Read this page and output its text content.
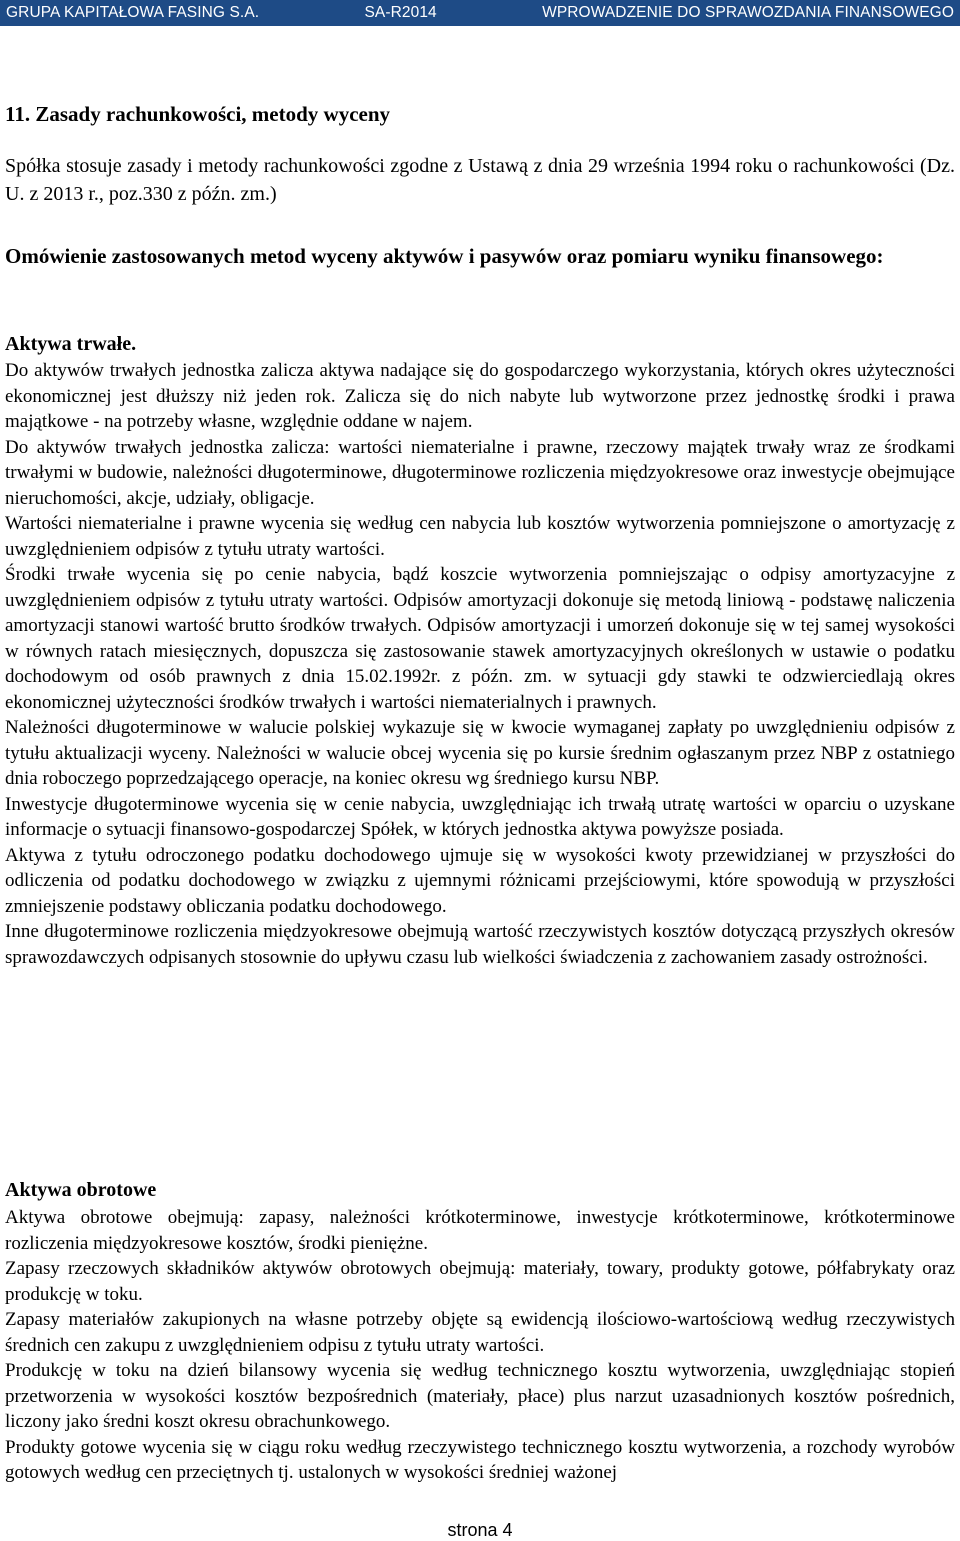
GRUPA KAPITAŁOWA FASING S.A.	SA-R2014	WPROWADZENIE DO SPRAWOZDANIA FINANSOWEGO
11. Zasady rachunkowości, metody wyceny

Spółka stosuje zasady i metody rachunkowości zgodne z Ustawą z dnia 29 września 1994 roku o rachunkowości (Dz. U. z 2013 r., poz.330 z późn. zm.)

Omówienie zastosowanych metod wyceny aktywów i pasywów oraz pomiaru wyniku finansowego:

Aktywa trwałe.

Do aktywów trwałych jednostka zalicza aktywa nadające się do gospodarczego wykorzystania, których okres użyteczności ekonomicznej jest dłuższy niż jeden rok. Zalicza się do nich nabyte lub wytworzone przez jednostkę środki i prawa majątkowe - na potrzeby własne, względnie oddane w najem.

Do aktywów trwałych jednostka zalicza: wartości niematerialne i prawne, rzeczowy majątek trwały wraz ze środkami trwałymi w budowie, należności długoterminowe, długoterminowe rozliczenia międzyokresowe oraz inwestycje obejmujące nieruchomości, akcje, udziały, obligacje.

Wartości niematerialne i prawne wycenia się według cen nabycia lub kosztów wytworzenia pomniejszone o amortyzację z uwzględnieniem odpisów z tytułu utraty wartości.

Środki trwałe wycenia się po cenie nabycia, bądź koszcie wytworzenia pomniejszając o odpisy amortyzacyjne z uwzględnieniem odpisów z tytułu utraty wartości. Odpisów amortyzacji dokonuje się metodą liniową - podstawę naliczenia amortyzacji stanowi wartość brutto środków trwałych. Odpisów amortyzacji i umorzeń dokonuje się w tej samej wysokości w równych ratach miesięcznych, dopuszcza się zastosowanie stawek amortyzacyjnych określonych w ustawie o podatku dochodowym od osób prawnych z dnia 15.02.1992r. z późn. zm. w sytuacji gdy stawki te odzwierciedlają okres ekonomicznej użyteczności środków trwałych i wartości niematerialnych i prawnych.

Należności długoterminowe w walucie polskiej wykazuje się w kwocie wymaganej zapłaty po uwzględnieniu odpisów z tytułu aktualizacji wyceny. Należności w walucie obcej wycenia się po kursie średnim ogłaszanym przez NBP z ostatniego dnia roboczego poprzedzającego operacje, na koniec okresu wg średniego kursu NBP.

Inwestycje długoterminowe wycenia się w cenie nabycia, uwzględniając ich trwałą utratę wartości w oparciu o uzyskane informacje o sytuacji finansowo-gospodarczej Spółek, w których jednostka aktywa powyższe posiada.

Aktywa z tytułu odroczonego podatku dochodowego ujmuje się w wysokości kwoty przewidzianej w przyszłości do odliczenia od podatku dochodowego w związku z ujemnymi różnicami przejściowymi, które spowodują w przyszłości zmniejszenie podstawy obliczania podatku dochodowego.

Inne długoterminowe rozliczenia międzyokresowe obejmują wartość rzeczywistych kosztów dotyczącą przyszłych okresów sprawozdawczych odpisanych stosownie do upływu czasu lub wielkości świadczenia z zachowaniem zasady ostrożności.

Aktywa obrotowe

Aktywa obrotowe obejmują: zapasy, należności krótkoterminowe, inwestycje krótkoterminowe, krótkoterminowe rozliczenia międzyokresowe kosztów, środki pieniężne.

Zapasy rzeczowych składników aktywów obrotowych obejmują: materiały, towary, produkty gotowe, półfabrykaty oraz produkcję w toku.

Zapasy materiałów zakupionych na własne potrzeby objęte są ewidencją ilościowo-wartościową według rzeczywistych średnich cen zakupu z uwzględnieniem odpisu z tytułu utraty wartości.

Produkcję w toku na dzień bilansowy wycenia się według technicznego kosztu wytworzenia, uwzględniając stopień przetworzenia w wysokości kosztów bezpośrednich (materiały, płace) plus narzut uzasadnionych kosztów pośrednich, liczony jako średni koszt okresu obrachunkowego.

Produkty gotowe wycenia się w ciągu roku według rzeczywistego technicznego kosztu wytworzenia, a rozchody wyrobów gotowych według cen przeciętnych tj. ustalonych w wysokości średniej ważonej

strona 4
